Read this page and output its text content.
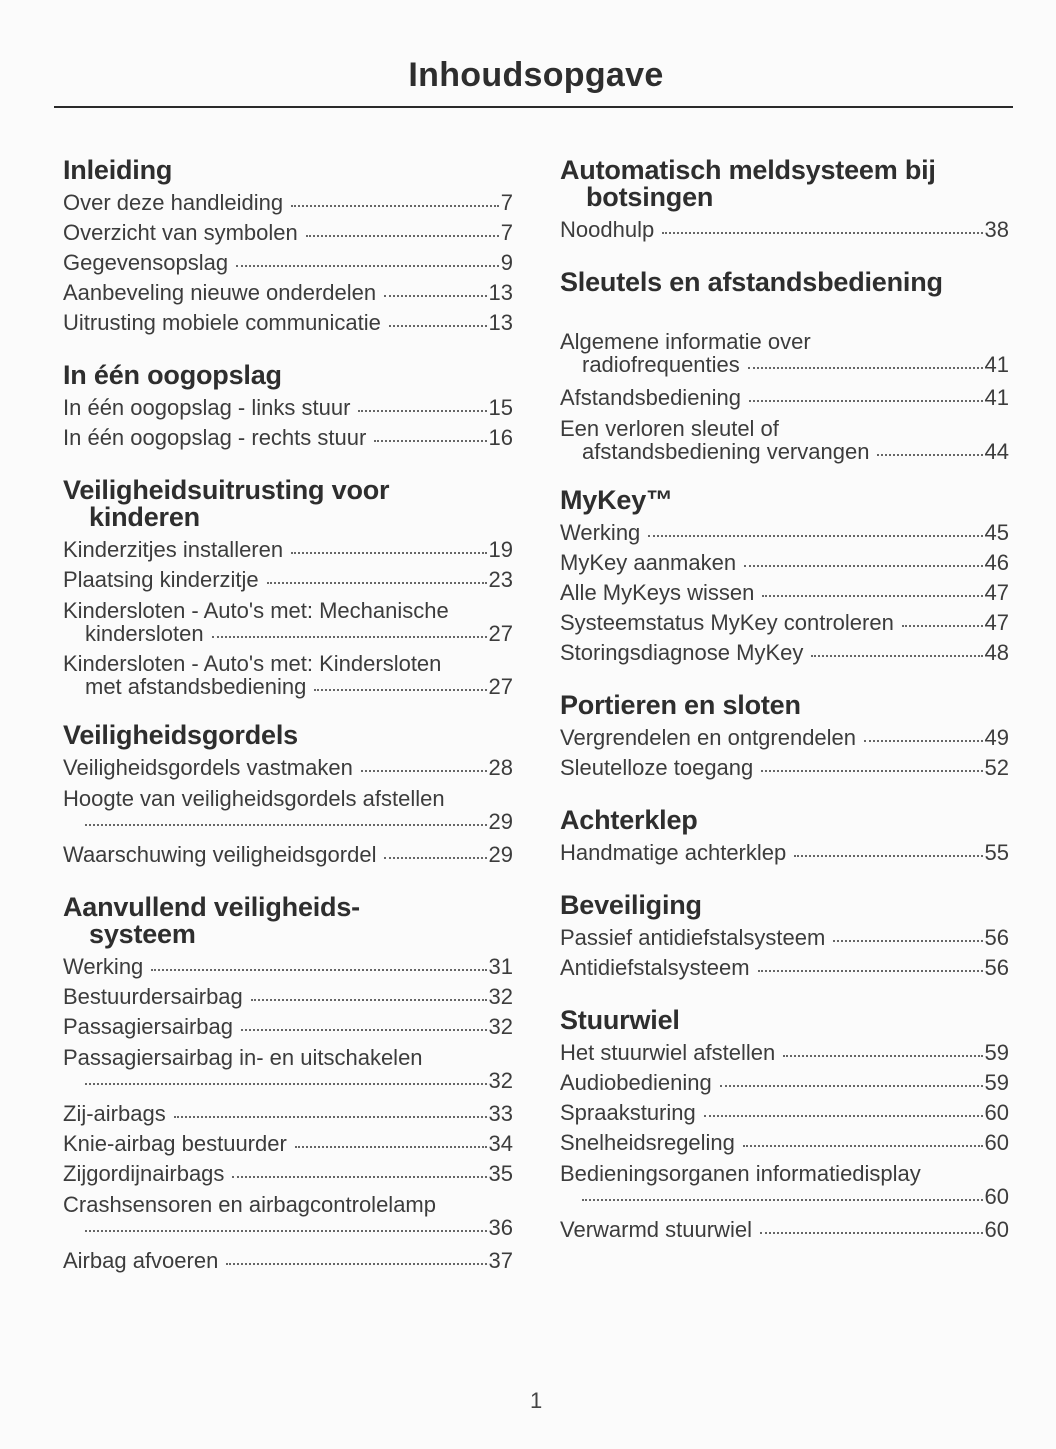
Inhoudsopgave
Inleiding
Over deze handleiding	7
Overzicht van symbolen	7
Gegevensopslag	9
Aanbeveling nieuwe onderdelen	13
Uitrusting mobiele communicatie	13
In één oogopslag
In één oogopslag - links stuur	15
In één oogopslag - rechts stuur	16
Veiligheidsuitrusting voor
kinderen
Kinderzitjes installeren	19
Plaatsing kinderzitje	23
Kindersloten - Auto's met: Mechanische
kindersloten	27
Kindersloten - Auto's met: Kindersloten
met afstandsbediening	27
Veiligheidsgordels
Veiligheidsgordels vastmaken	28
Hoogte van veiligheidsgordels afstellen
29
Waarschuwing veiligheidsgordel	29
Aanvullend veiligheids-
systeem
Werking	31
Bestuurdersairbag	32
Passagiersairbag	32
Passagiersairbag in- en uitschakelen
32
Zij-airbags	33
Knie-airbag bestuurder	34
Zijgordijnairbags	35
Crashsensoren en airbagcontrolelamp
36
Airbag afvoeren	37
Automatisch meldsysteem bij
botsingen
Noodhulp	38
Sleutels en afstandsbediening
Algemene informatie over
radiofrequenties	41
Afstandsbediening	41
Een verloren sleutel of
afstandsbediening vervangen	44
MyKey™
Werking	45
MyKey aanmaken	46
Alle MyKeys wissen	47
Systeemstatus MyKey controleren	47
Storingsdiagnose MyKey	48
Portieren en sloten
Vergrendelen en ontgrendelen	49
Sleutelloze toegang	52
Achterklep
Handmatige achterklep	55
Beveiliging
Passief antidiefstalsysteem	56
Antidiefstalsysteem	56
Stuurwiel
Het stuurwiel afstellen	59
Audiobediening	59
Spraaksturing	60
Snelheidsregeling	60
Bedieningsorganen informatiedisplay
60
Verwarmd stuurwiel	60
1
